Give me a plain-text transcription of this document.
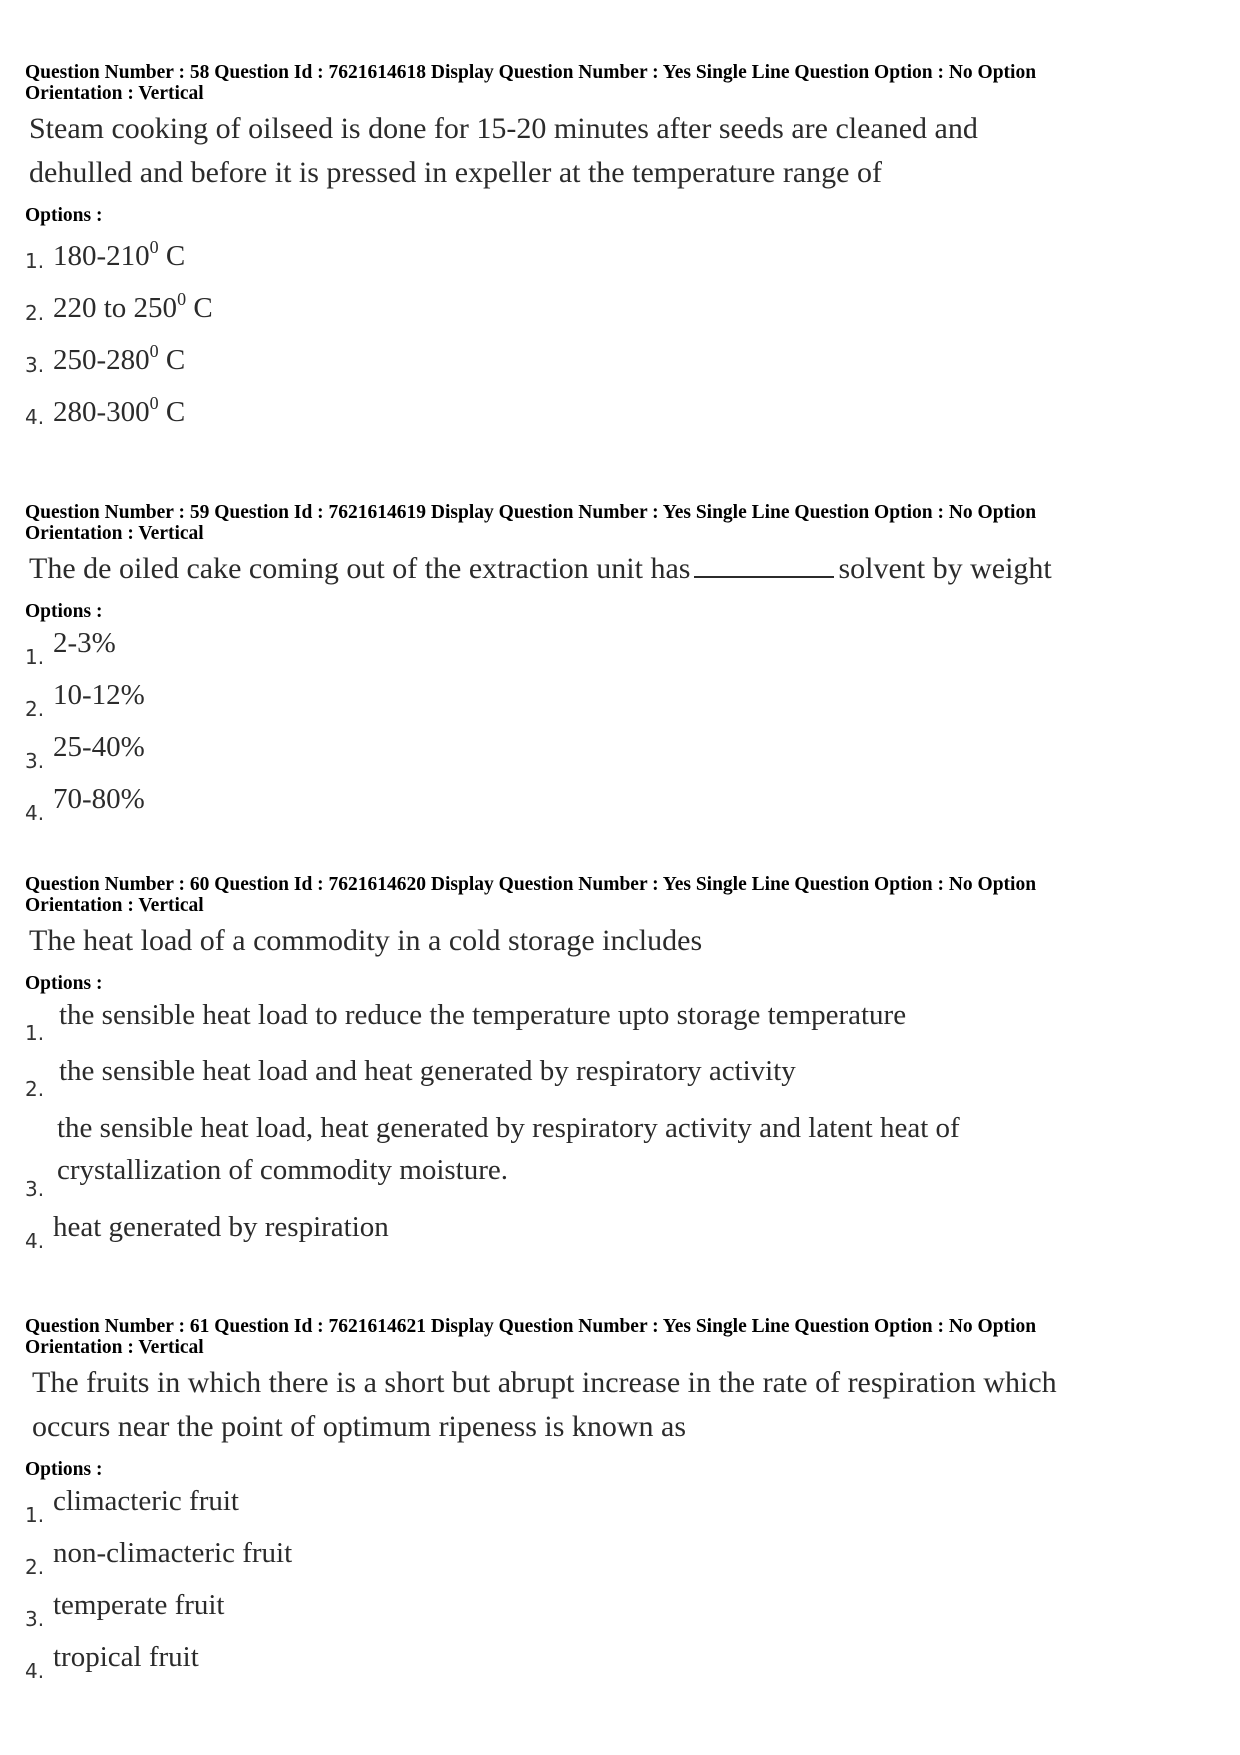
Question Number : 58 Question Id : 7621614618 Display Question Number : Yes Single Line Question Option : No Option
Orientation : Vertical

Steam cooking of oilseed is done for 15-20 minutes after seeds are cleaned and
dehulled and before it is pressed in expeller at the temperature range of

Options :

1. $180-210^0$ C
2. 220 to $250^0$ C
3. $250-280^0$ C
4. $280-300^0$ C

Question Number : 59 Question Id : 7621614619 Display Question Number : Yes Single Line Question Option : No Option
Orientation : Vertical

The de oiled cake coming out of the extraction unit has	solvent by weight

Options :

1. 2-3%
2. 10-12%
3. 25-40%
4. 70-80%

Question Number : 60 Question Id : 7621614620 Display Question Number : Yes Single Line Question Option : No Option
Orientation : Vertical

The heat load of a commodity in a cold storage includes

Options :

1.
the sensible heat load to reduce the temperature upto storage temperature
2.
the sensible heat load and heat generated by respiratory activity
3.
the sensible heat load, heat generated by respiratory activity and latent heat of
crystallization of commodity moisture.
4. heat generated by respiration

Question Number : 61 Question Id : 7621614621 Display Question Number : Yes Single Line Question Option : No Option
Orientation : Vertical

The fruits in which there is a short but abrupt increase in the rate of respiration which
occurs near the point of optimum ripeness is known as

Options :

1. climacteric fruit
2. non-climacteric fruit
3. temperate fruit
4. tropical fruit
